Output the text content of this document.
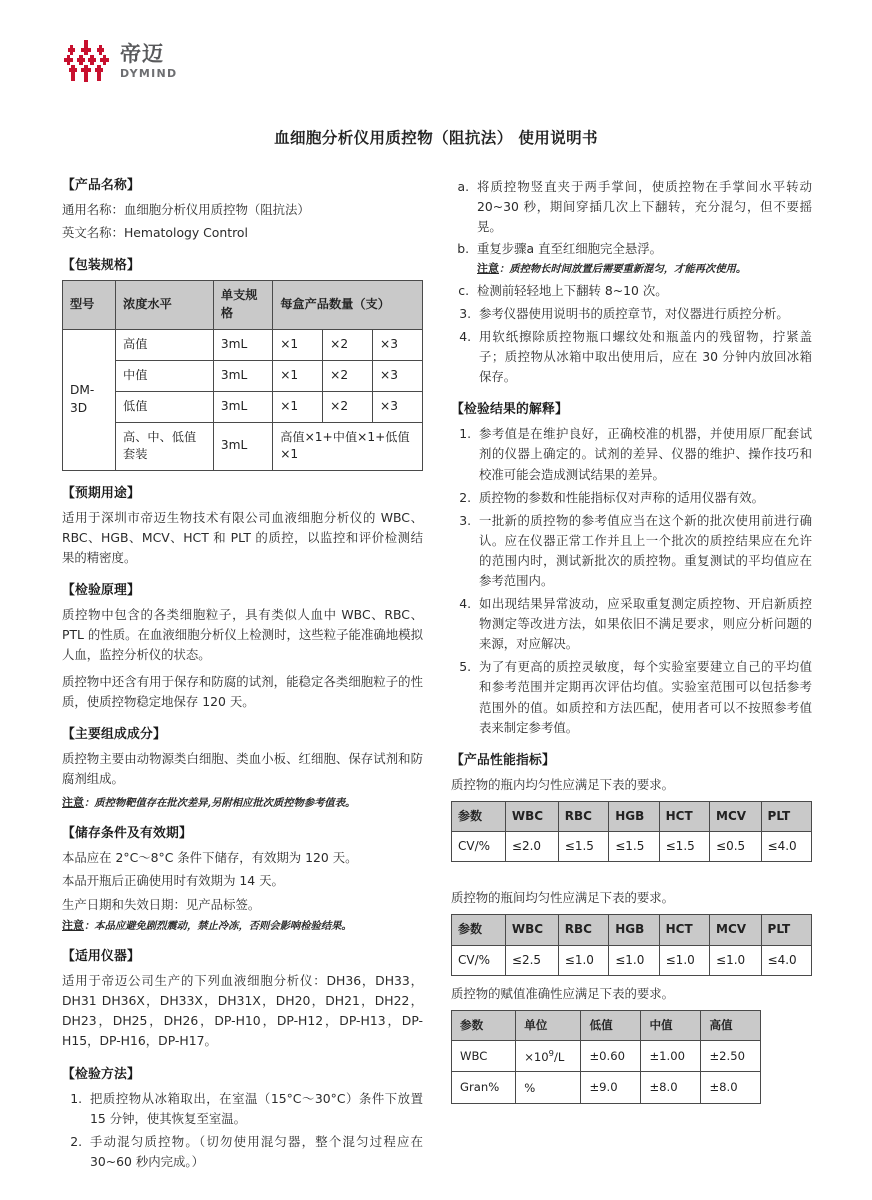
帝迈
DYMIND
血细胞分析仪用质控物（阻抗法） 使用说明书
【产品名称】

通用名称：血细胞分析仪用质控物（阻抗法）

英文名称：Hematology Control

【包装规格】
型号	浓度水平	单支规格	每盒产品数量（支）		
DM-3D	高值	3mL	×1	×2	×3
	中值	3mL	×1	×2	×3
	低值	3mL	×1	×2	×3
	高、中、低值套装	3mL	高值×1+中值×1+低值×1		
【预期用途】

适用于深圳市帝迈生物技术有限公司血液细胞分析仪的 WBC、RBC、HGB、MCV、HCT 和 PLT 的质控，以监控和评价检测结果的精密度。

【检验原理】

质控物中包含的各类细胞粒子，具有类似人血中 WBC、RBC、PTL 的性质。在血液细胞分析仪上检测时，这些粒子能准确地模拟人血，监控分析仪的状态。

质控物中还含有用于保存和防腐的试剂，能稳定各类细胞粒子的性质，使质控物稳定地保存 120 天。

【主要组成成分】

质控物主要由动物源类白细胞、类血小板、红细胞、保存试剂和防腐剂组成。

注意：质控物靶值存在批次差异,另附相应批次质控物参考值表。

【储存条件及有效期】

本品应在 2°C～8°C 条件下储存，有效期为 120 天。

本品开瓶后正确使用时有效期为 14 天。

生产日期和失效日期：见产品标签。

注意：本品应避免剧烈震动，禁止冷冻，否则会影响检验结果。

【适用仪器】

适用于帝迈公司生产的下列血液细胞分析仪：DH36，DH33，DH31 DH36X，DH33X，DH31X，DH20，DH21，DH22，DH23，DH25，DH26，DP-H10，DP-H12，DP-H13，DP-H15，DP-H16，DP-H17。

【检验方法】
1. 把质控物从冰箱取出，在室温（15°C～30°C）条件下放置 15 分钟，使其恢复至室温。
2. 手动混匀质控物。（切勿使用混匀器，整个混匀过程应在 30~60 秒内完成。）
a. 将质控物竖直夹于两手掌间，使质控物在手掌间水平转动 20~30 秒，期间穿插几次上下翻转，充分混匀，但不要摇晃。
b. 重复步骤a 直至红细胞完全悬浮。

注意：质控物长时间放置后需要重新混匀，才能再次使用。

c. 检测前轻轻地上下翻转 8~10 次。
3. 参考仪器使用说明书的质控章节，对仪器进行质控分析。
4. 用软纸擦除质控物瓶口螺纹处和瓶盖内的残留物，拧紧盖子；质控物从冰箱中取出使用后，应在 30 分钟内放回冰箱保存。
【检验结果的解释】
1. 参考值是在维护良好，正确校准的机器，并使用原厂配套试剂的仪器上确定的。试剂的差异、仪器的维护、操作技巧和校准可能会造成测试结果的差异。
2. 质控物的参数和性能指标仅对声称的适用仪器有效。
3. 一批新的质控物的参考值应当在这个新的批次使用前进行确认。应在仪器正常工作并且上一个批次的质控结果应在允许的范围内时，测试新批次的质控物。重复测试的平均值应在参考范围内。
4. 如出现结果异常波动，应采取重复测定质控物、开启新质控物测定等改进方法，如果依旧不满足要求，则应分析问题的来源，对应解决。
5. 为了有更高的质控灵敏度，每个实验室要建立自己的平均值和参考范围并定期再次评估均值。实验室范围可以包括参考范围外的值。如质控和方法匹配，使用者可以不按照参考值表来制定参考值。
【产品性能指标】

质控物的瓶内均匀性应满足下表的要求。

参数	WBC	RBC	HGB	HCT	MCV	PLT
CV/%	≤2.0	≤1.5	≤1.5	≤1.5	≤0.5	≤4.0

质控物的瓶间均匀性应满足下表的要求。

参数	WBC	RBC	HGB	HCT	MCV	PLT
CV/%	≤2.5	≤1.0	≤1.0	≤1.0	≤1.0	≤4.0

质控物的赋值准确性应满足下表的要求。

参数	单位	低值	中值	高值
WBC	$\times 10^9/L$	±0.60	±1.00	±2.50
Gran%	%	±9.0	±8.0	±8.0
